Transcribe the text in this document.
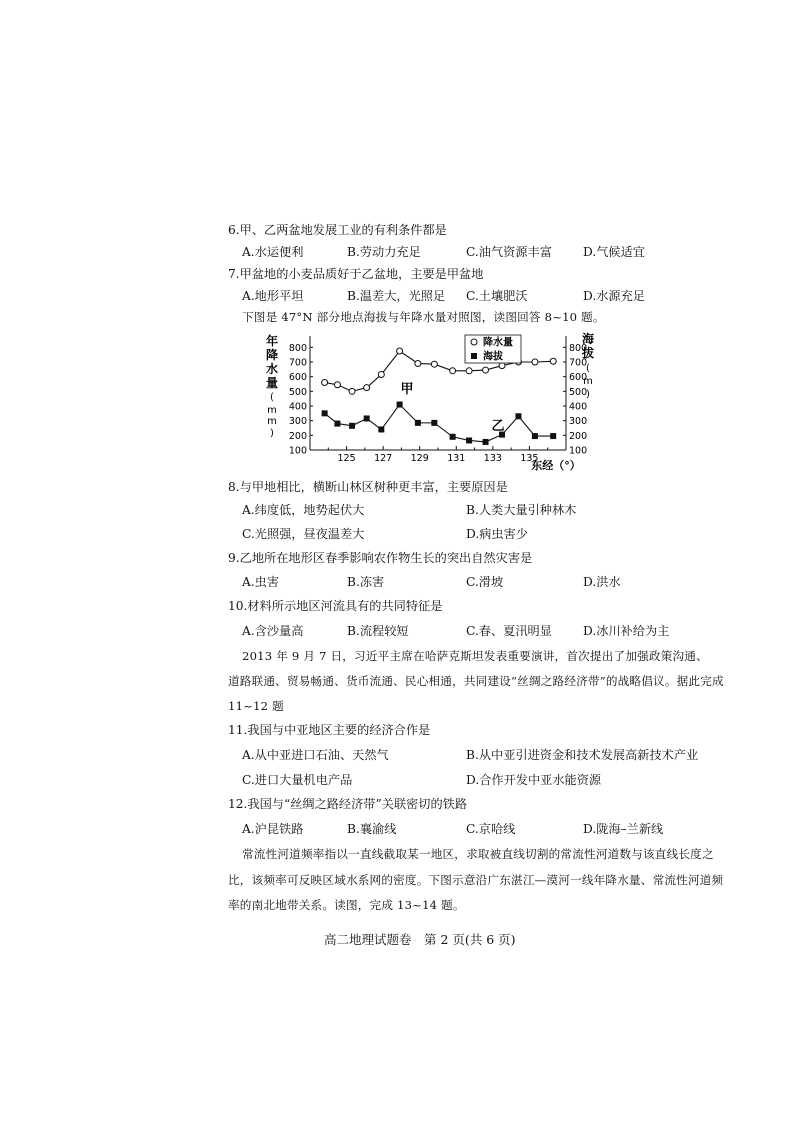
6.甲、乙两盆地发展工业的有利条件都是
A.水运便利	B.劳动力充足	C.油气资源丰富	D.气候适宜
7.甲盆地的小麦品质好于乙盆地，主要是甲盆地
A.地形平坦	B.温差大，光照足 C.土壤肥沃	D.水源充足
下图是 47°N 部分地点海拔与年降水量对照图，读图回答 8~10 题。
年
降
水
量
(
m
m
)
海
拔
(
m
)
100
200
300
400
500
600
700
800
100
200
300
400
500
600
700
800
125 127 129 131 133 135
降水量
海拔
甲
乙
东经（°）
8.与甲地相比，横断山林区树种更丰富，主要原因是
A.纬度低，地势起伏大	B.人类大量引种林木
C.光照强，昼夜温差大	D.病虫害少
9.乙地所在地形区春季影响农作物生长的突出自然灾害是
A.虫害	B.冻害	C.滑坡	D.洪水
10.材料所示地区河流具有的共同特征是
A.含沙量高	B.流程较短	C.春、夏汛明显	D.冰川补给为主
2013 年 9 月 7 日，习近平主席在哈萨克斯坦发表重要演讲，首次提出了加强政策沟通、
道路联通、贸易畅通、货币流通、民心相通，共同建设“丝绸之路经济带”的战略倡议。据此完成
11~12 题
11.我国与中亚地区主要的经济合作是
A.从中亚进口石油、天然气	B.从中亚引进资金和技术发展高新技术产业
C.进口大量机电产品	D.合作开发中亚水能资源
12.我国与“丝绸之路经济带”关联密切的铁路
A.沪昆铁路	B.襄渝线	C.京哈线	D.陇海–兰新线
常流性河道频率指以一直线截取某一地区，求取被直线切割的常流性河道数与该直线长度之
比，该频率可反映区域水系网的密度。下图示意沿广东湛江—漠河一线年降水量、常流性河道频
率的南北地带关系。读图，完成 13~14 题。
高二地理试题卷　第 2 页(共 6 页)
